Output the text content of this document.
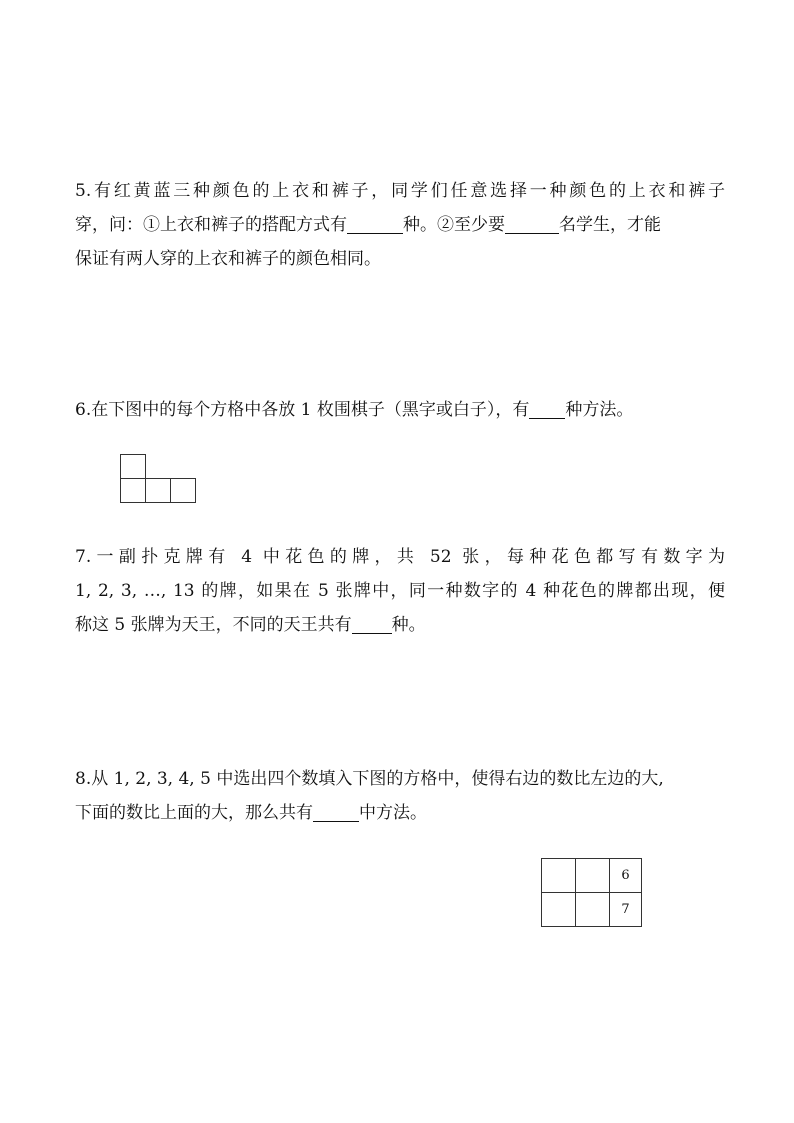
5.有红黄蓝三种颜色的上衣和裤子，同学们任意选择一种颜色的上衣和裤子
穿，问：①上衣和裤子的搭配方式有	种。②至少要	名学生，才能
保证有两人穿的上衣和裤子的颜色相同。
6.在下图中的每个方格中各放 1 枚围棋子（黑字或白子），有 种方法。
7.一副扑克牌有 4 中花色的牌，共 52 张，每种花色都写有数字为
1, 2, 3, …, 13 的牌，如果在 5 张牌中，同一种数字的 4 种花色的牌都出现，便
称这 5 张牌为天王，不同的天王共有 种。
8.从 1, 2, 3, 4, 5 中选出四个数填入下图的方格中，使得右边的数比左边的大,
下面的数比上面的大，那么共有	中方法。
6
7
